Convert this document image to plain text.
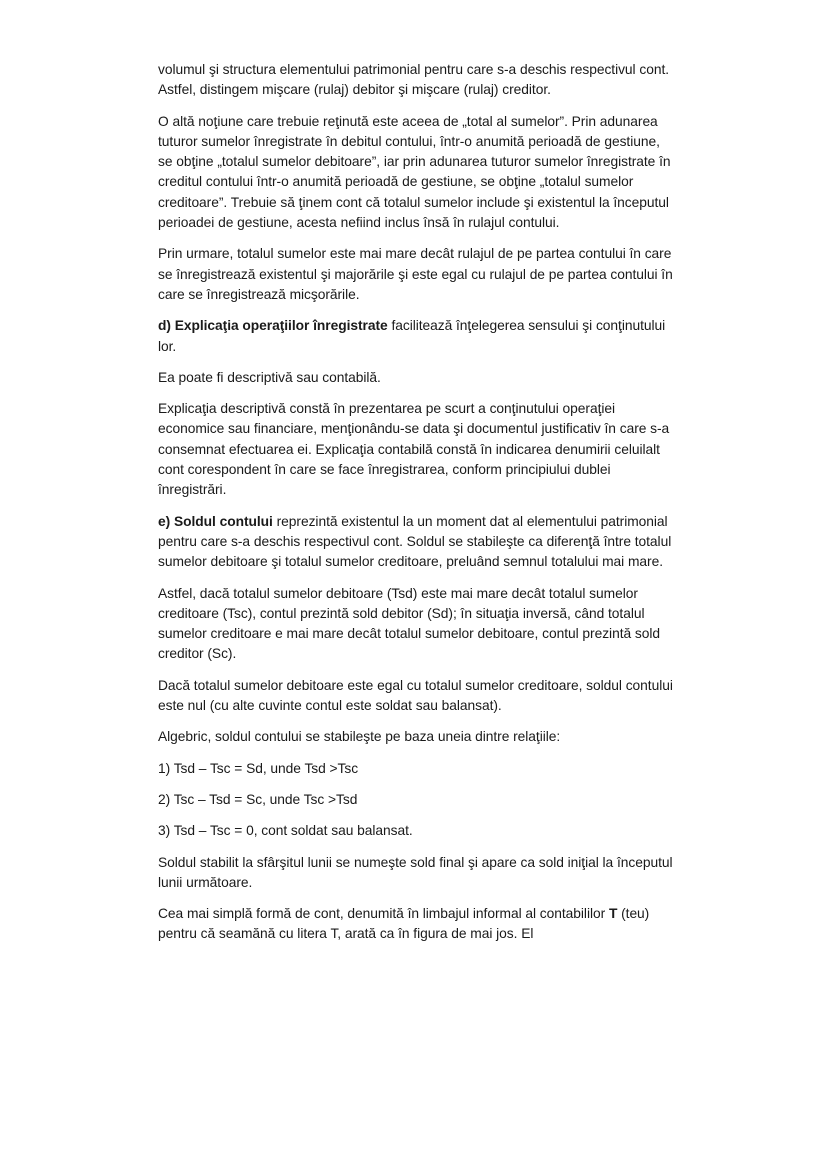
volumul şi structura elementului patrimonial pentru care s-a deschis respectivul cont. Astfel, distingem mişcare (rulaj) debitor şi mişcare (rulaj) creditor.

O altă noţiune care trebuie reţinută este aceea de „total al sumelor”. Prin adunarea tuturor sumelor înregistrate în debitul contului, într-o anumită perioadă de gestiune, se obţine „totalul sumelor debitoare”, iar prin adunarea tuturor sumelor înregistrate în creditul contului într-o anumită perioadă de gestiune, se obţine „totalul sumelor creditoare”. Trebuie să ţinem cont că totalul sumelor include şi existentul la începutul perioadei de gestiune, acesta nefiind inclus însă în rulajul contului.

Prin urmare, totalul sumelor este mai mare decât rulajul de pe partea contului în care se înregistrează existentul şi majorările şi este egal cu rulajul de pe partea contului în care se înregistrează micşorările.

d) Explicaţia operaţiilor înregistrate facilitează înţelegerea sensului şi conţinutului lor.

Ea poate fi descriptivă sau contabilă.

Explicaţia descriptivă constă în prezentarea pe scurt a conţinutului operaţiei economice sau financiare, menţionându-se data şi documentul justificativ în care s-a consemnat efectuarea ei. Explicaţia contabilă constă în indicarea denumirii celuilalt cont corespondent în care se face înregistrarea, conform principiului dublei înregistrări.

e) Soldul contului reprezintă existentul la un moment dat al elementului patrimonial pentru care s-a deschis respectivul cont. Soldul se stabileşte ca diferenţă între totalul sumelor debitoare şi totalul sumelor creditoare, preluând semnul totalului mai mare.

Astfel, dacă totalul sumelor debitoare (Tsd) este mai mare decât totalul sumelor creditoare (Tsc), contul prezintă sold debitor (Sd); în situaţia inversă, când totalul sumelor creditoare e mai mare decât totalul sumelor debitoare, contul prezintă sold creditor (Sc).

Dacă totalul sumelor debitoare este egal cu totalul sumelor creditoare, soldul contului este nul (cu alte cuvinte contul este soldat sau balansat).

Algebric, soldul contului se stabileşte pe baza uneia dintre relaţiile:

1) Tsd – Tsc = Sd, unde Tsd >Tsc

2) Tsc – Tsd = Sc, unde Tsc >Tsd

3) Tsd – Tsc = 0, cont soldat sau balansat.

Soldul stabilit la sfârşitul lunii se numeşte sold final şi apare ca sold iniţial la începutul lunii următoare.

Cea mai simplă formă de cont, denumită în limbajul informal al contabililor T (teu) pentru că seamănă cu litera T, arată ca în figura de mai jos. El
